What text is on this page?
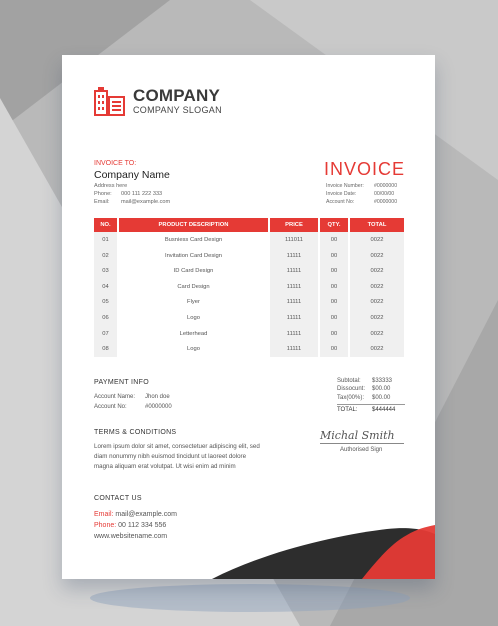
COMPANY
COMPANY SLOGAN
INVOICE TO:
Company Name
Address here
Phone:	000 111 222 333
Email:	mail@example.com
INVOICE
Invoice Number:	#0000000
Invoice Date:	00/00/00
Account No:	#0000000
NO.	PRODUCT DESCRIPTION	PRICE	QTY.	TOTAL
01	Busniess Card Design	111011	00	0022
02	Invitation Card Design	11111	00	0022
03	ID Card Design	11111	00	0022
04	Card Design	11111	00	0022
05	Flyer	11111	00	0022
06	Logo	11111	00	0022
07	Letterhead	11111	00	0022
08	Logo	11111	00	0022
PAYMENT INFO
Account Name:	Jhon doe
Account No:	#0000000
Subtotal:	$33333
Dissocunt:	$00.00
Tax(00%):	$00.00
TOTAL:	$444444
TERMS & CONDITIONS
Lorem ipsum dolor sit amet, consectetuer adipiscing elit, sed diam nonummy nibh euismod tincidunt ut laoreet dolore magna aliquam erat volutpat. Ut wisi enim ad minim
Michal Smith
Authorised Sign
CONTACT US
Email: mail@example.com
Phone: 00 112 334 556
www.websitename.com
